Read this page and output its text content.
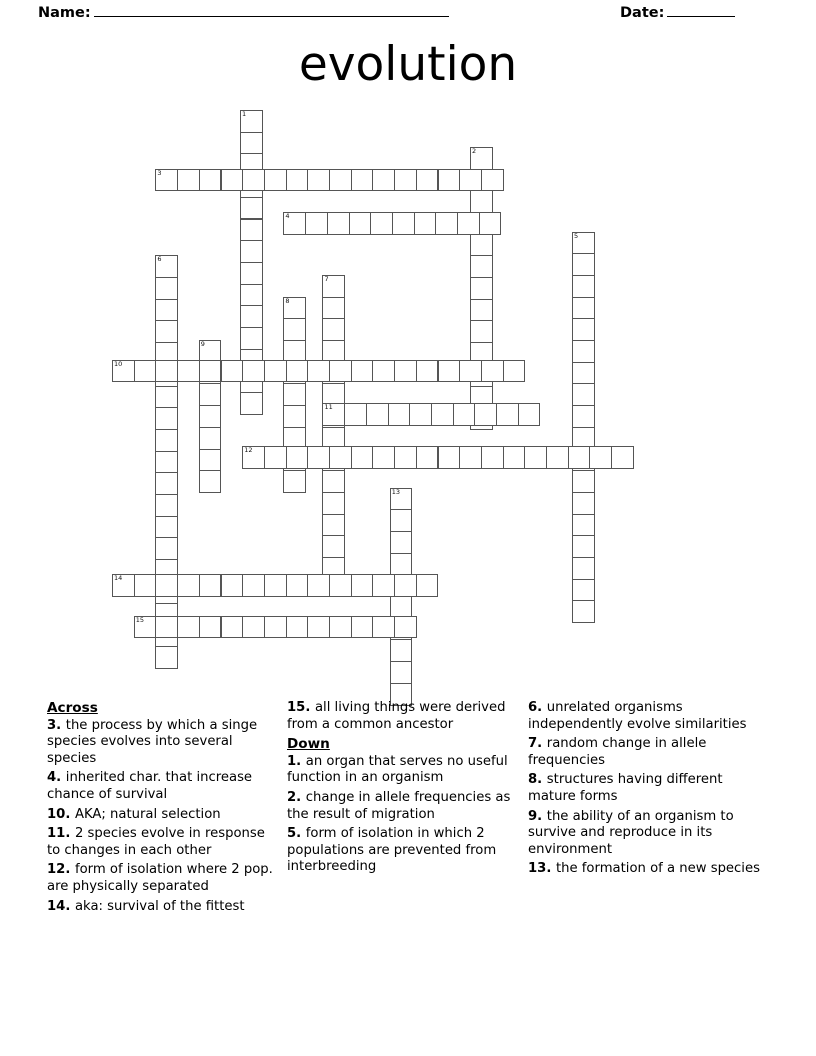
Name:	Date:
evolution
1
2
3
4
5
6
7
8
9
10
11
12
13
14
15
Across
3. the process by which a singe species evolves into several species
4. inherited char. that increase chance of survival
10. AKA; natural selection
11. 2 species evolve in response to changes in each other
12. form of isolation where 2 pop. are physically separated
14. aka: survival of the fittest
15. all living things were derived from a common ancestor
Down
1. an organ that serves no useful function in an organism
2. change in allele frequencies as the result of migration
5. form of isolation in which 2 populations are prevented from interbreeding
6. unrelated organisms independently evolve similarities
7. random change in allele frequencies
8. structures having different mature forms
9. the ability of an organism to survive and reproduce in its environment
13. the formation of a new species
